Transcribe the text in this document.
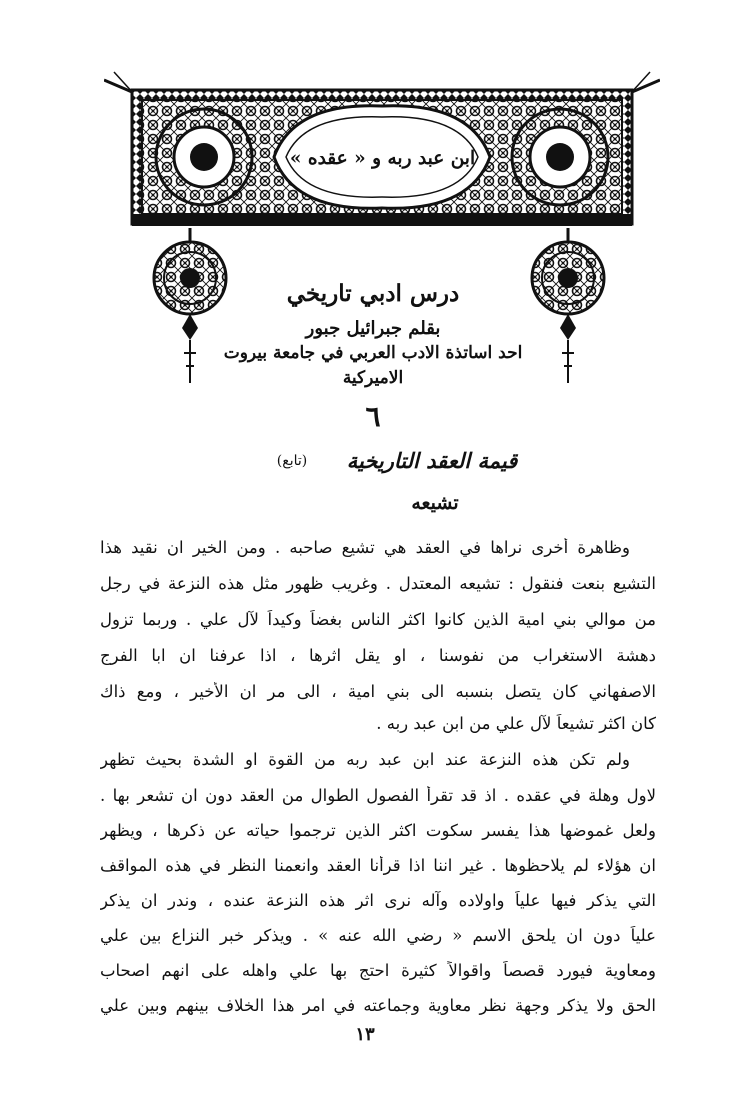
ابن عبد ربه و « عقده »
درس ادبي تاريخي
بقلم جبرائيل جبور
احد اساتذة الادب العربي في جامعة بيروت
الاميركية
٦
قيمة العقد التاريخية
(تابع)
تشيعه
وظاهرة أخرى نراها في العقد هي تشيع صاحبه . ومن الخير ان نقيد هذا
التشيع بنعت فنقول : تشيعه المعتدل . وغريب ظهور مثل هذه النزعة في رجل
من موالي بني امية الذين كانوا اكثر الناس بغضاً وكيداً لآل علي . وربما تزول
دهشة الاستغراب من نفوسنا ، او يقل اثرها ، اذا عرفنا ان ابا الفرج
الاصفهاني كان يتصل بنسبه الى بني امية ، الى مر ان الأخير ، ومع ذاك
كان اكثر تشيعاً لآل علي من ابن عبد ربه .
ولم تكن هذه النزعة عند ابن عبد ربه من القوة او الشدة بحيث تظهر
لاول وهلة في عقده . اذ قد تقرأ الفصول الطوال من العقد دون ان تشعر بها .
ولعل غموضها هذا يفسر سكوت اكثر الذين ترجموا حياته عن ذكرها ، ويظهر
ان هؤلاء لم يلاحظوها . غير اننا اذا قرأنا العقد وانعمنا النظر في هذه المواقف
التي يذكر فيها علياً واولاده وآله نرى اثر هذه النزعة عنده ، وندر ان يذكر
علياً دون ان يلحق الاسم « رضي الله عنه » . ويذكر خبر النزاع بين علي
ومعاوية فيورد قصصاً واقوالاً كثيرة احتج بها علي واهله على انهم اصحاب
الحق ولا يذكر وجهة نظر معاوية وجماعته في امر هذا الخلاف بينهم وبين علي
١٣
